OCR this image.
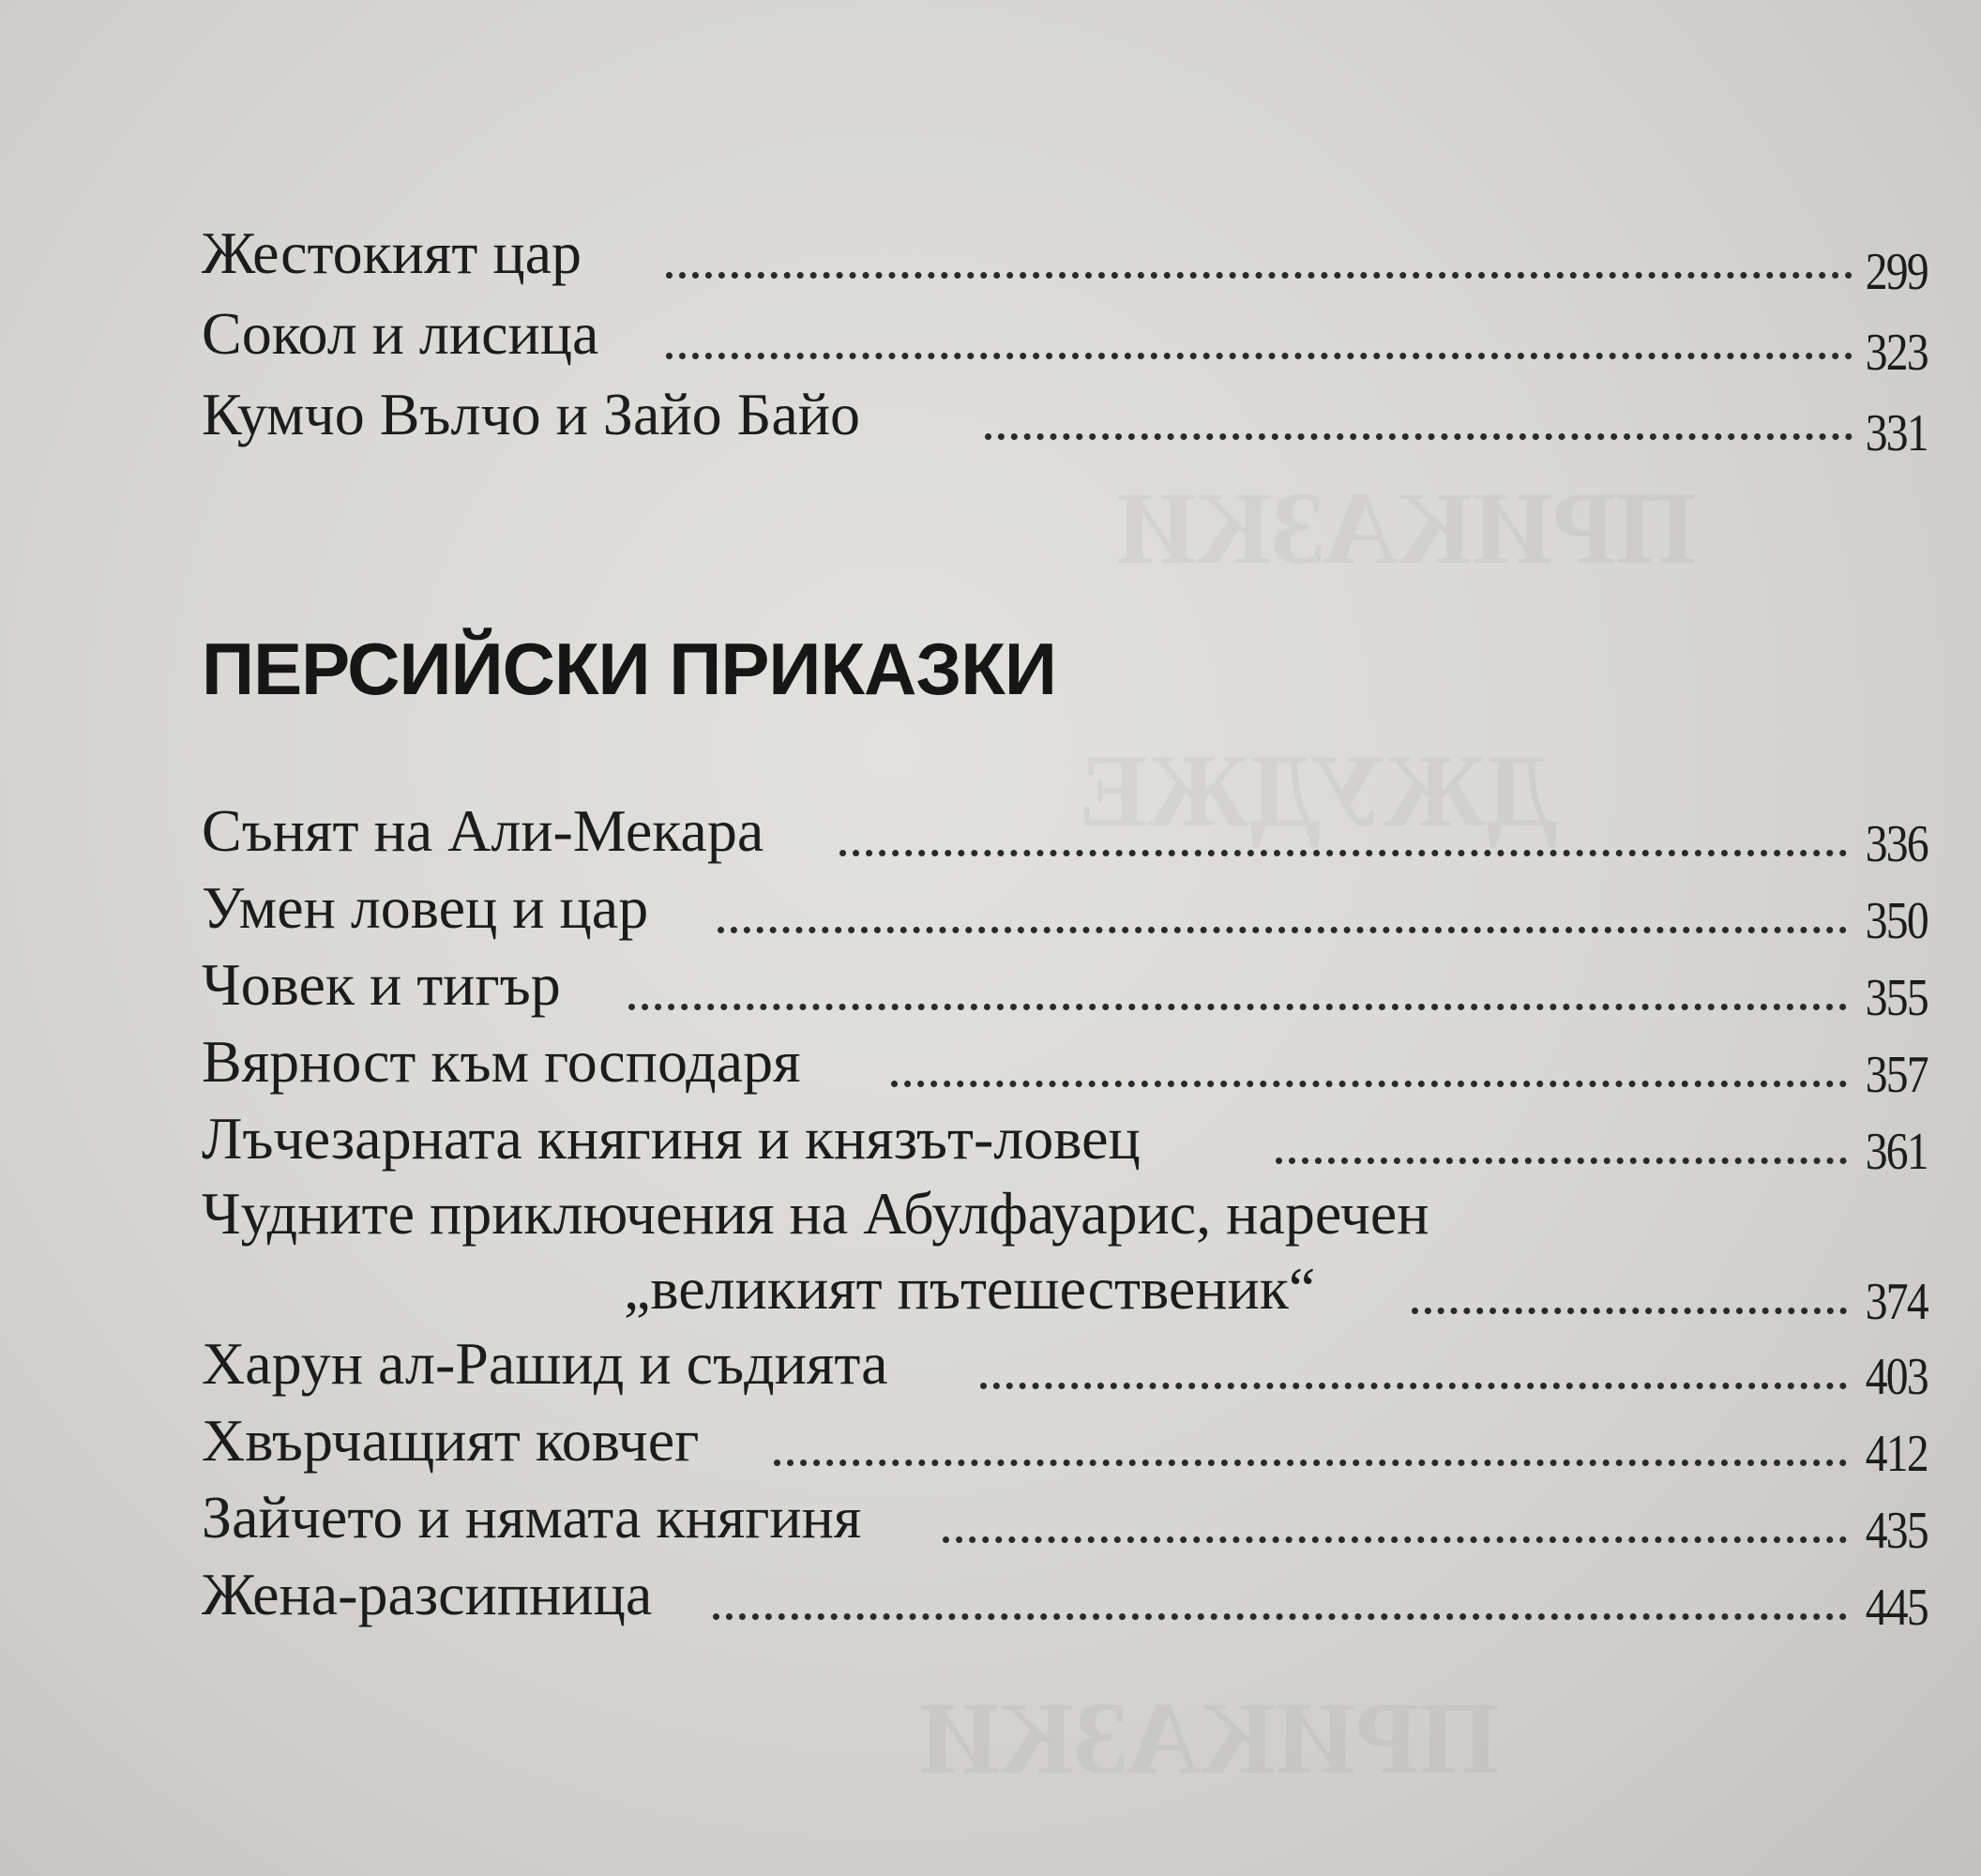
Жестокият цар	299
Сокол и лисица	323
Кумчо Вълчо и Зайо Байо	331
ПЕРСИЙСКИ ПРИКАЗКИ
Сънят на Али-Мекара	336
Умен ловец и цар	350
Човек и тигър	355
Вярност към господаря	357
Лъчезарната княгиня и князът-ловец	361
Чудните приключения на Абулфауарис, наречен
„великият пътешественик“	374
Харун ал-Рашид и съдията	403
Хвърчащият ковчег	412
Зайчето и нямата княгиня	435
Жена-разсипница	445
